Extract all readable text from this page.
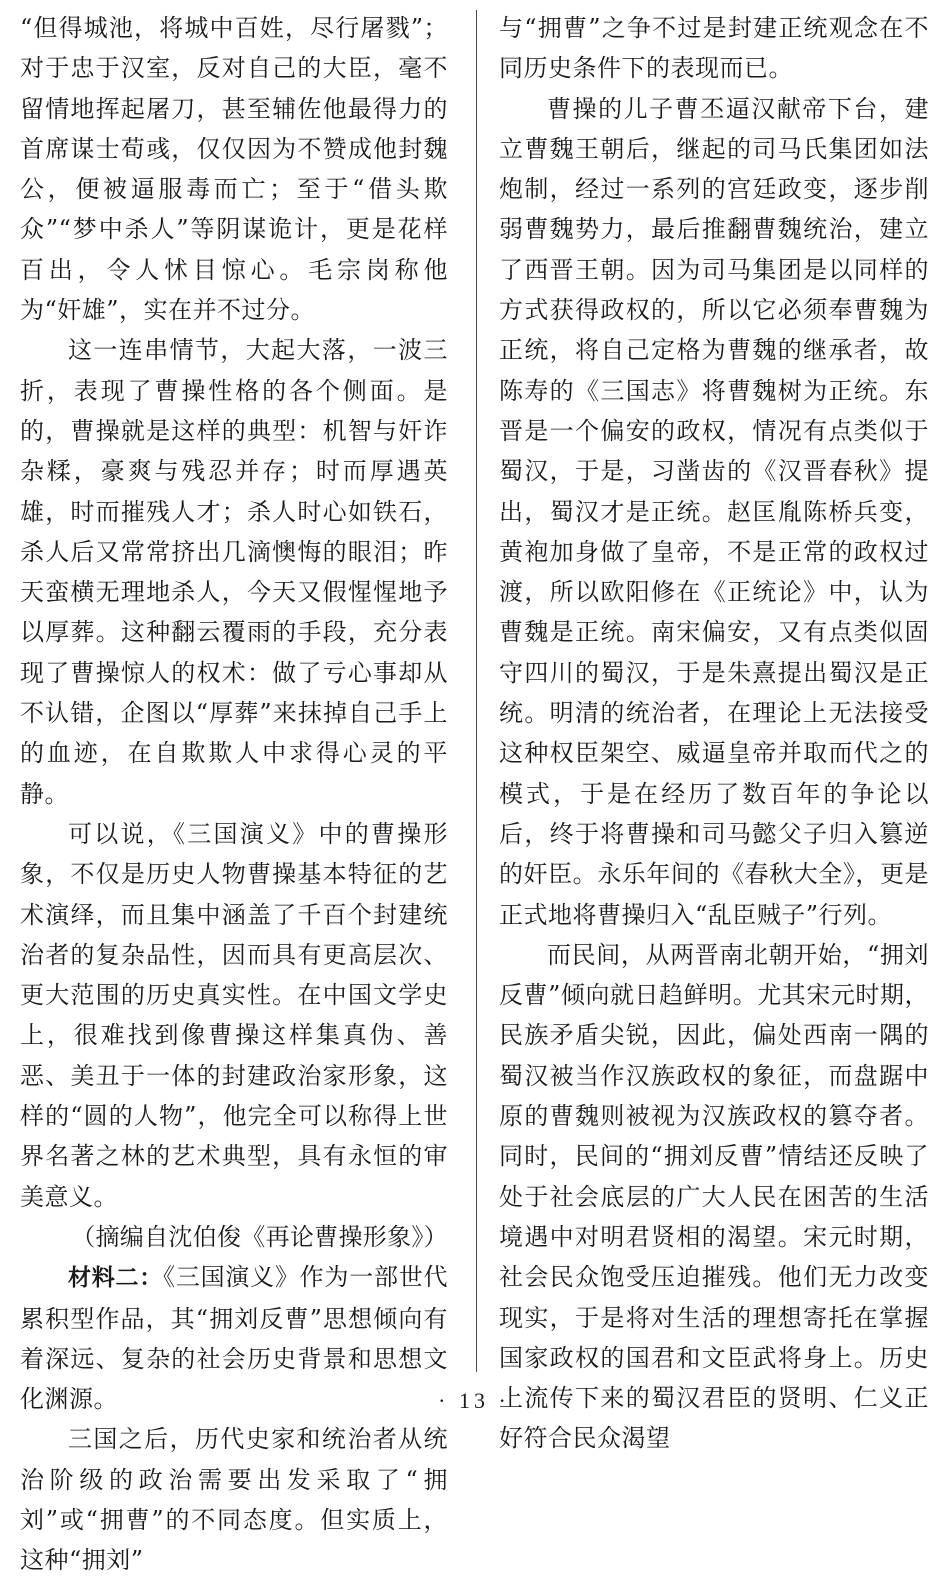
“但得城池，将城中百姓，尽行屠戮”；对于忠于汉室，反对自己的大臣，毫不留情地挥起屠刀，甚至辅佐他最得力的首席谋士荀彧，仅仅因为不赞成他封魏公，便被逼服毒而亡；至于“借头欺众”“梦中杀人”等阴谋诡计，更是花样百出，令人怵目惊心。毛宗岗称他为“奸雄”，实在并不过分。

这一连串情节，大起大落，一波三折，表现了曹操性格的各个侧面。是的，曹操就是这样的典型：机智与奸诈杂糅，豪爽与残忍并存；时而厚遇英雄，时而摧残人才；杀人时心如铁石，杀人后又常常挤出几滴懊悔的眼泪；昨天蛮横无理地杀人，今天又假惺惺地予以厚葬。这种翻云覆雨的手段，充分表现了曹操惊人的权术：做了亏心事却从不认错，企图以“厚葬”来抹掉自己手上的血迹，在自欺欺人中求得心灵的平静。

可以说，《三国演义》中的曹操形象，不仅是历史人物曹操基本特征的艺术演绎，而且集中涵盖了千百个封建统治者的复杂品性，因而具有更高层次、更大范围的历史真实性。在中国文学史上，很难找到像曹操这样集真伪、善恶、美丑于一体的封建政治家形象，这样的“圆的人物”，他完全可以称得上世界名著之林的艺术典型，具有永恒的审美意义。

（摘编自沈伯俊《再论曹操形象》）

材料二：《三国演义》作为一部世代累积型作品，其“拥刘反曹”思想倾向有着深远、复杂的社会历史背景和思想文化渊源。

三国之后，历代史家和统治者从统治阶级的政治需要出发采取了“拥刘”或“拥曹”的不同态度。但实质上，这种“拥刘”

与“拥曹”之争不过是封建正统观念在不同历史条件下的表现而已。

曹操的儿子曹丕逼汉献帝下台，建立曹魏王朝后，继起的司马氏集团如法炮制，经过一系列的宫廷政变，逐步削弱曹魏势力，最后推翻曹魏统治，建立了西晋王朝。因为司马集团是以同样的方式获得政权的，所以它必须奉曹魏为正统，将自己定格为曹魏的继承者，故陈寿的《三国志》将曹魏树为正统。东晋是一个偏安的政权，情况有点类似于蜀汉，于是，习凿齿的《汉晋春秋》提出，蜀汉才是正统。赵匡胤陈桥兵变，黄袍加身做了皇帝，不是正常的政权过渡，所以欧阳修在《正统论》中，认为曹魏是正统。南宋偏安，又有点类似固守四川的蜀汉，于是朱熹提出蜀汉是正统。明清的统治者，在理论上无法接受这种权臣架空、威逼皇帝并取而代之的模式，于是在经历了数百年的争论以后，终于将曹操和司马懿父子归入篡逆的奸臣。永乐年间的《春秋大全》，更是正式地将曹操归入“乱臣贼子”行列。

而民间，从两晋南北朝开始，“拥刘反曹”倾向就日趋鲜明。尤其宋元时期，民族矛盾尖锐，因此，偏处西南一隅的蜀汉被当作汉族政权的象征，而盘踞中原的曹魏则被视为汉族政权的篡夺者。同时，民间的“拥刘反曹”情结还反映了处于社会底层的广大人民在困苦的生活境遇中对明君贤相的渴望。宋元时期，社会民众饱受压迫摧残。他们无力改变现实，于是将对生活的理想寄托在掌握国家政权的国君和文臣武将身上。历史上流传下来的蜀汉君臣的贤明、仁义正好符合民众渴望

· 13 ·
